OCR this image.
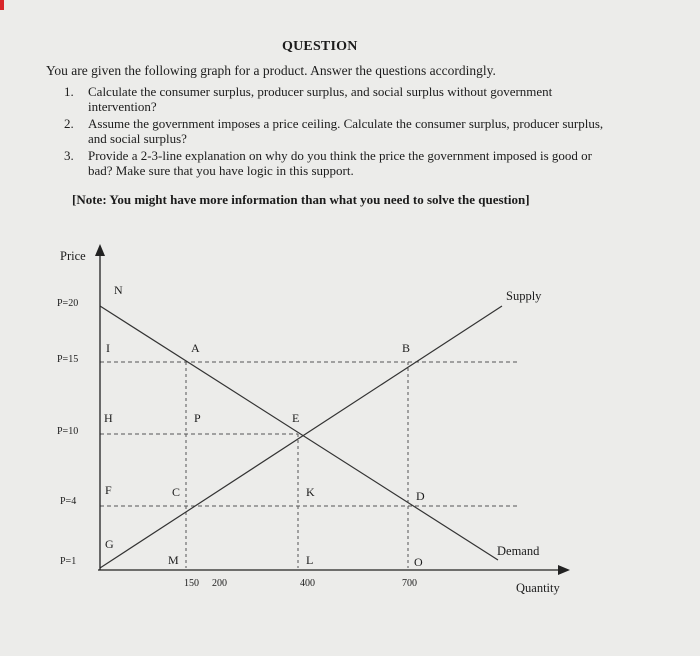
QUESTION
You are given the following graph for a product. Answer the questions accordingly.
1. Calculate the consumer surplus, producer surplus, and social surplus without government intervention?
2. Assume the government imposes a price ceiling. Calculate the consumer surplus, producer surplus, and social surplus?
3. Provide a 2-3-line explanation on why do you think the price the government imposed is good or bad? Make sure that you have logic in this support.
[Note: You might have more information than what you need to solve the question]
Price
Quantity
Supply
Demand
P=20
P=15
P=10
P=4
P=1
150 200	400	700
N
I	A	B
H	P	E
F	C	K	D
G
M	L	O
